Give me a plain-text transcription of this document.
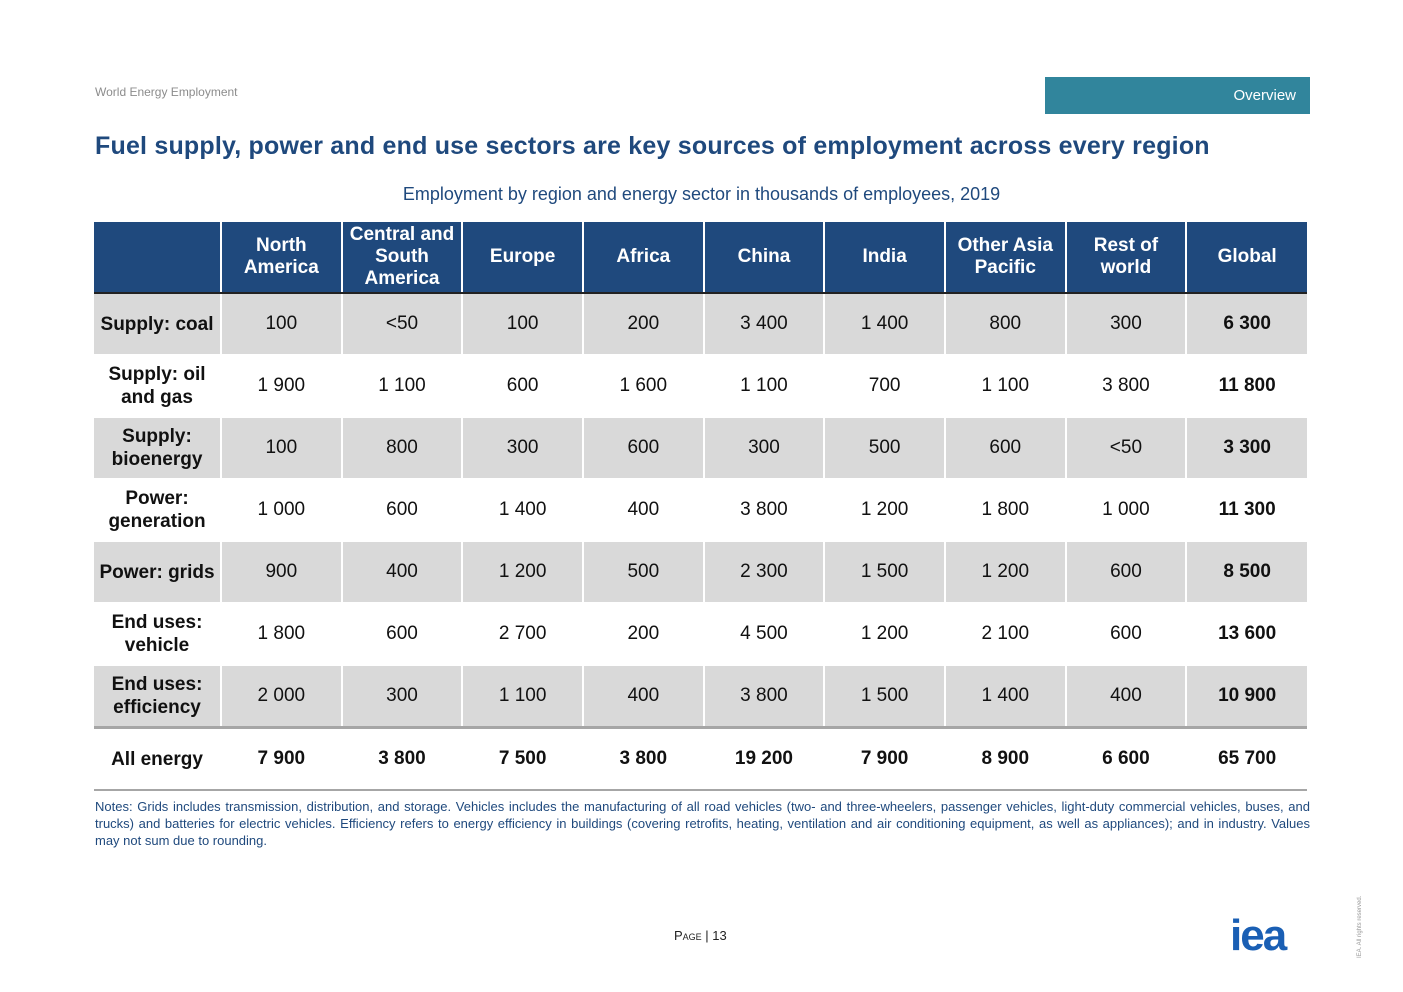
World Energy Employment	Overview
Fuel supply, power and end use sectors are key sources of employment across every region
Employment by region and energy sector in thousands of employees, 2019
	North America	Central and South America	Europe	Africa	China	India	Other Asia Pacific	Rest of world	Global
Supply: coal	100	<50	100	200	3 400	1 400	800	300	6 300
Supply: oil and gas	1 900	1 100	600	1 600	1 100	700	1 100	3 800	11 800
Supply: bioenergy	100	800	300	600	300	500	600	<50	3 300
Power: generation	1 000	600	1 400	400	3 800	1 200	1 800	1 000	11 300
Power: grids	900	400	1 200	500	2 300	1 500	1 200	600	8 500
End uses: vehicle	1 800	600	2 700	200	4 500	1 200	2 100	600	13 600
End uses: efficiency	2 000	300	1 100	400	3 800	1 500	1 400	400	10 900
All energy	7 900	3 800	7 500	3 800	19 200	7 900	8 900	6 600	65 700
Notes: Grids includes transmission, distribution, and storage. Vehicles includes the manufacturing of all road vehicles (two- and three-wheelers, passenger vehicles, light-duty commercial vehicles, buses, and trucks) and batteries for electric vehicles. Efficiency refers to energy efficiency in buildings (covering retrofits, heating, ventilation and air conditioning equipment, as well as appliances); and in industry. Values may not sum due to rounding.
Page | 13	iea	IEA. All rights reserved.
